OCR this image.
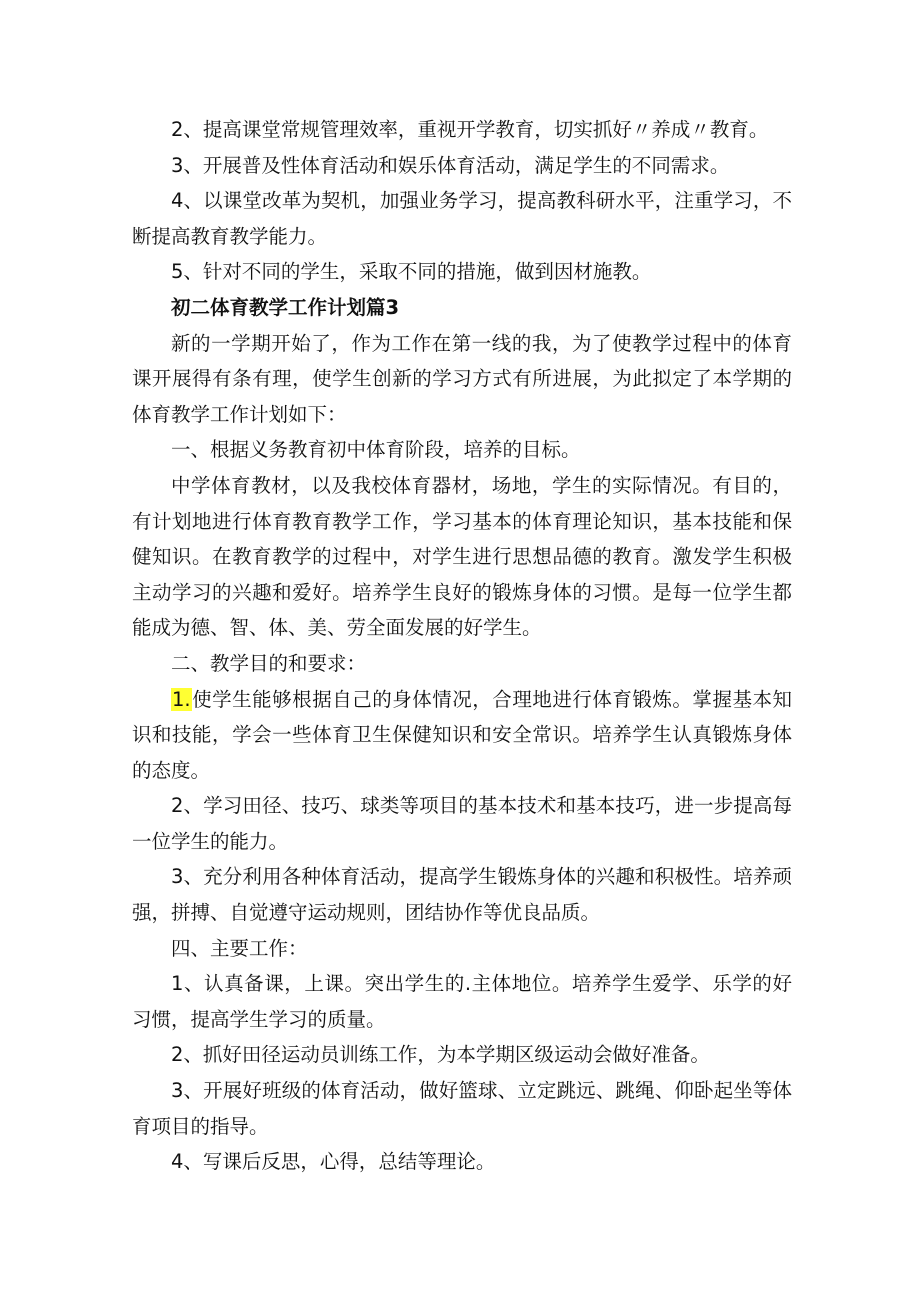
2、提高课堂常规管理效率，重视开学教育，切实抓好〃养成〃教育。

3、开展普及性体育活动和娱乐体育活动，满足学生的不同需求。

4、以课堂改革为契机，加强业务学习，提高教科研水平，注重学习，不断提高教育教学能力。

5、针对不同的学生，采取不同的措施，做到因材施教。

初二体育教学工作计划篇3

新的一学期开始了，作为工作在第一线的我，为了使教学过程中的体育课开展得有条有理，使学生创新的学习方式有所进展，为此拟定了本学期的体育教学工作计划如下：

一、根据义务教育初中体育阶段，培养的目标。

中学体育教材，以及我校体育器材，场地，学生的实际情况。有目的，有计划地进行体育教育教学工作，学习基本的体育理论知识，基本技能和保健知识。在教育教学的过程中，对学生进行思想品德的教育。激发学生积极主动学习的兴趣和爱好。培养学生良好的锻炼身体的习惯。是每一位学生都能成为德、智、体、美、劳全面发展的好学生。

二、教学目的和要求：

1.使学生能够根据自己的身体情况，合理地进行体育锻炼。掌握基本知识和技能，学会一些体育卫生保健知识和安全常识。培养学生认真锻炼身体的态度。

2、学习田径、技巧、球类等项目的基本技术和基本技巧，进一步提高每一位学生的能力。

3、充分利用各种体育活动，提高学生锻炼身体的兴趣和积极性。培养顽强，拼搏、自觉遵守运动规则，团结协作等优良品质。

四、主要工作：

1、认真备课，上课。突出学生的.主体地位。培养学生爱学、乐学的好习惯，提高学生学习的质量。

2、抓好田径运动员训练工作，为本学期区级运动会做好准备。

3、开展好班级的体育活动，做好篮球、立定跳远、跳绳、仰卧起坐等体育项目的指导。

4、写课后反思，心得，总结等理论。
